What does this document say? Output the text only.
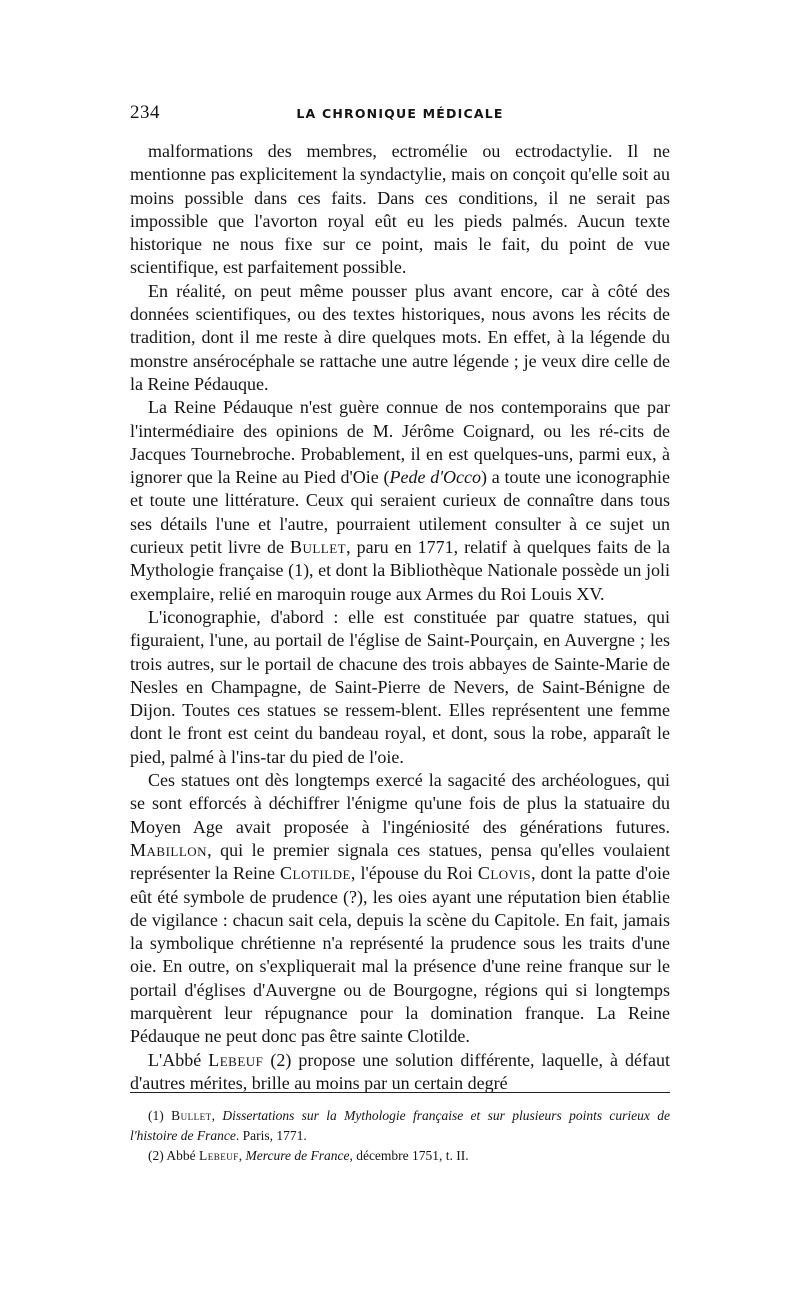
234	LA CHRONIQUE MÉDICALE

malformations des membres, ectromélie ou ectrodactylie. Il ne mentionne pas explicitement la syndactylie, mais on conçoit qu'elle soit au moins possible dans ces faits. Dans ces conditions, il ne serait pas impossible que l'avorton royal eût eu les pieds palmés. Aucun texte historique ne nous fixe sur ce point, mais le fait, du point de vue scientifique, est parfaitement possible.

En réalité, on peut même pousser plus avant encore, car à côté des données scientifiques, ou des textes historiques, nous avons les récits de tradition, dont il me reste à dire quelques mots. En effet, à la légende du monstre ansérocéphale se rattache une autre légende ; je veux dire celle de la Reine Pédauque.

La Reine Pédauque n'est guère connue de nos contemporains que par l'intermédiaire des opinions de M. Jérôme Coignard, ou les ré-cits de Jacques Tournebroche. Probablement, il en est quelques-uns, parmi eux, à ignorer que la Reine au Pied d'Oie (Pede d'Occo) a toute une iconographie et toute une littérature. Ceux qui seraient curieux de connaître dans tous ses détails l'une et l'autre, pourraient utilement consulter à ce sujet un curieux petit livre de Bullet, paru en 1771, relatif à quelques faits de la Mythologie française (1), et dont la Bibliothèque Nationale possède un joli exemplaire, relié en maroquin rouge aux Armes du Roi Louis XV.

L'iconographie, d'abord : elle est constituée par quatre statues, qui figuraient, l'une, au portail de l'église de Saint-Pourçain, en Auvergne ; les trois autres, sur le portail de chacune des trois abbayes de Sainte-Marie de Nesles en Champagne, de Saint-Pierre de Nevers, de Saint-Bénigne de Dijon. Toutes ces statues se ressem-blent. Elles représentent une femme dont le front est ceint du bandeau royal, et dont, sous la robe, apparaît le pied, palmé à l'ins-tar du pied de l'oie.

Ces statues ont dès longtemps exercé la sagacité des archéologues, qui se sont efforcés à déchiffrer l'énigme qu'une fois de plus la statuaire du Moyen Age avait proposée à l'ingéniosité des générations futures. Mabillon, qui le premier signala ces statues, pensa qu'elles voulaient représenter la Reine Clotilde, l'épouse du Roi Clovis, dont la patte d'oie eût été symbole de prudence (?), les oies ayant une réputation bien établie de vigilance : chacun sait cela, depuis la scène du Capitole. En fait, jamais la symbolique chrétienne n'a représenté la prudence sous les traits d'une oie. En outre, on s'expliquerait mal la présence d'une reine franque sur le portail d'églises d'Auvergne ou de Bourgogne, régions qui si longtemps marquèrent leur répugnance pour la domination franque. La Reine Pédauque ne peut donc pas être sainte Clotilde.

L'Abbé Lebeuf (2) propose une solution différente, laquelle, à défaut d'autres mérites, brille au moins par un certain degré

(1) Bullet, Dissertations sur la Mythologie française et sur plusieurs points curieux de l'histoire de France. Paris, 1771.

(2) Abbé Lebeuf, Mercure de France, décembre 1751, t. II.
